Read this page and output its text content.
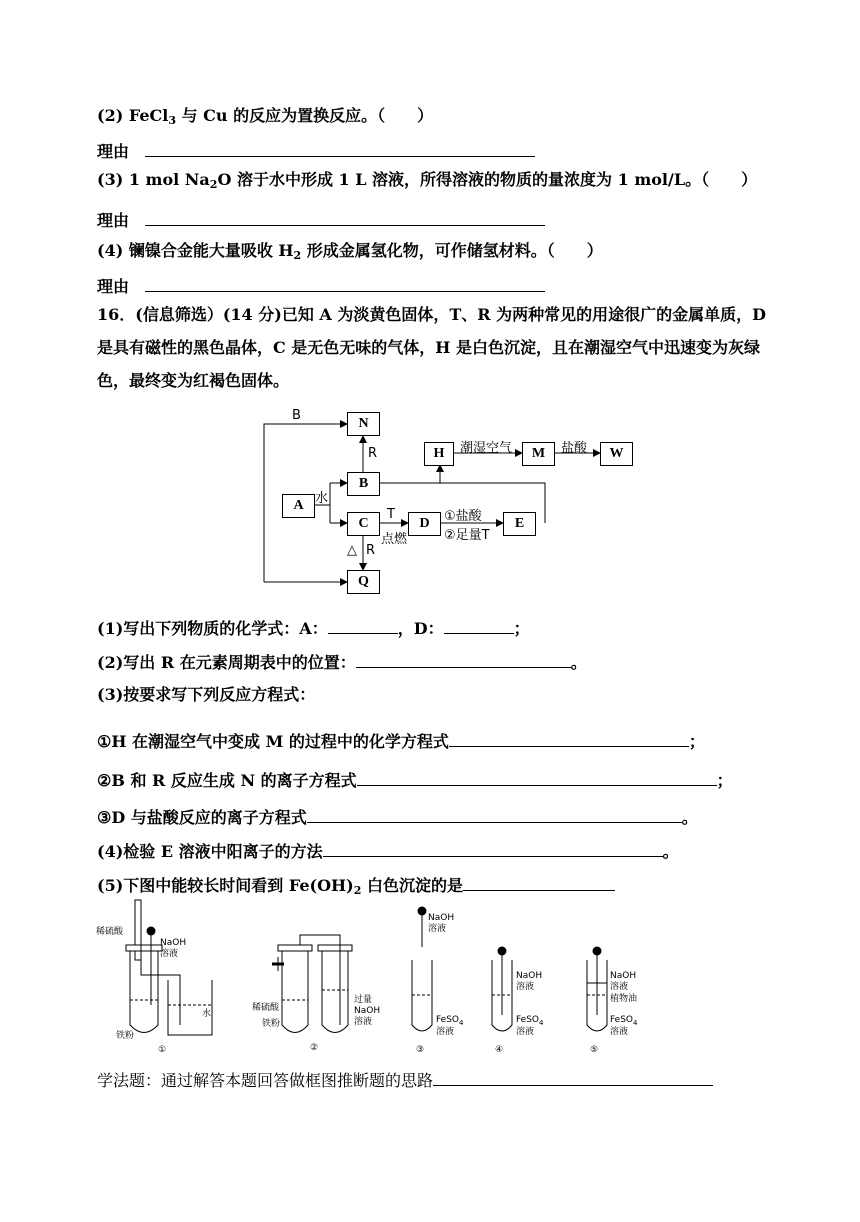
(2) FeCl$_3$ 与 Cu 的反应为置换反应。（　　）
理由
(3) 1 mol $Na_2O$ 溶于水中形成 1 L 溶液，所得溶液的物质的量浓度为 1 mol/L。（　　）
理由
(4) 镧镍合金能大量吸收 $H_2$ 形成金属氢化物，可作储氢材料。（　　）
理由
16．(信息筛选）(14 分)已知 A 为淡黄色固体，T、R 为两种常见的用途很广的金属单质，D 是具有磁性的黑色晶体，C 是无色无味的气体，H 是白色沉淀，且在潮湿空气中迅速变为灰绿色，最终变为红褐色固体。
N
B
A
C	D	E
H	M	W
Q
B
R
水
潮湿空气	盐酸
T
点燃
①盐酸
②足量T
△ R
(1)写出下列物质的化学式：A：	，D：	；
(2)写出 R 在元素周期表中的位置：	。
(3)按要求写下列反应方程式：
①H 在潮湿空气中变成 M 的过程中的化学方程式	；
②B 和 R 反应生成 N 的离子方程式	；
③D 与盐酸反应的离子方程式	。
(4)检验 E 溶液中阳离子的方法	。
(5)下图中能较长时间看到 $Fe(OH)_2$ 白色沉淀的是
稀硫酸
NaOH
溶液
水
铁粉
①
稀硫酸
铁粉
过量
NaOH
溶液
②
NaOH
溶液
FeSO$_4$
溶液
③
NaOH
溶液
FeSO$_4$
溶液
④
NaOH
溶液
植物油
FeSO$_4$
溶液
⑤
学法题：通过解答本题回答做框图推断题的思路
